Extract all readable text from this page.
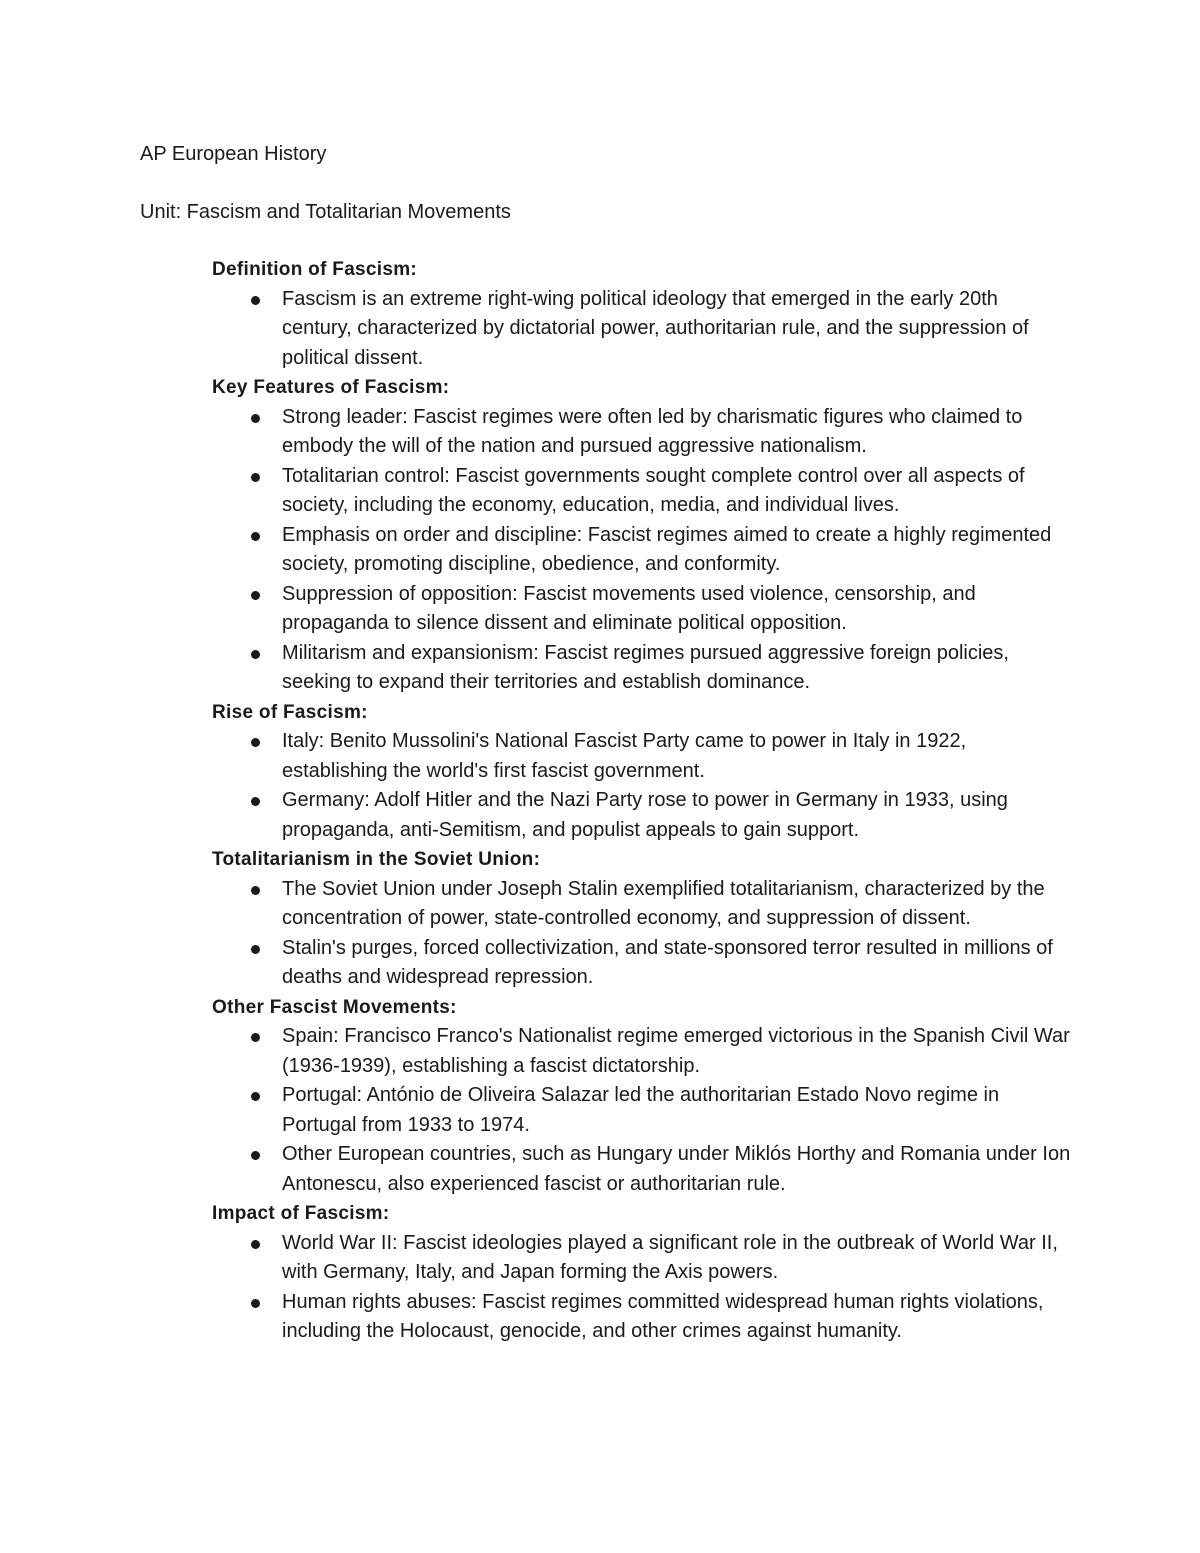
AP European History
Unit: Fascism and Totalitarian Movements

Definition of Fascism:

Fascism is an extreme right-wing political ideology that emerged in the early 20th century, characterized by dictatorial power, authoritarian rule, and the suppression of political dissent.

Key Features of Fascism:

Strong leader: Fascist regimes were often led by charismatic figures who claimed to embody the will of the nation and pursued aggressive nationalism.
Totalitarian control: Fascist governments sought complete control over all aspects of society, including the economy, education, media, and individual lives.
Emphasis on order and discipline: Fascist regimes aimed to create a highly regimented society, promoting discipline, obedience, and conformity.
Suppression of opposition: Fascist movements used violence, censorship, and propaganda to silence dissent and eliminate political opposition.
Militarism and expansionism: Fascist regimes pursued aggressive foreign policies, seeking to expand their territories and establish dominance.

Rise of Fascism:

Italy: Benito Mussolini's National Fascist Party came to power in Italy in 1922, establishing the world's first fascist government.
Germany: Adolf Hitler and the Nazi Party rose to power in Germany in 1933, using propaganda, anti-Semitism, and populist appeals to gain support.

Totalitarianism in the Soviet Union:

The Soviet Union under Joseph Stalin exemplified totalitarianism, characterized by the concentration of power, state-controlled economy, and suppression of dissent.
Stalin's purges, forced collectivization, and state-sponsored terror resulted in millions of deaths and widespread repression.

Other Fascist Movements:

Spain: Francisco Franco's Nationalist regime emerged victorious in the Spanish Civil War (1936-1939), establishing a fascist dictatorship.
Portugal: António de Oliveira Salazar led the authoritarian Estado Novo regime in Portugal from 1933 to 1974.
Other European countries, such as Hungary under Miklós Horthy and Romania under Ion Antonescu, also experienced fascist or authoritarian rule.

Impact of Fascism:

World War II: Fascist ideologies played a significant role in the outbreak of World War II, with Germany, Italy, and Japan forming the Axis powers.
Human rights abuses: Fascist regimes committed widespread human rights violations, including the Holocaust, genocide, and other crimes against humanity.
